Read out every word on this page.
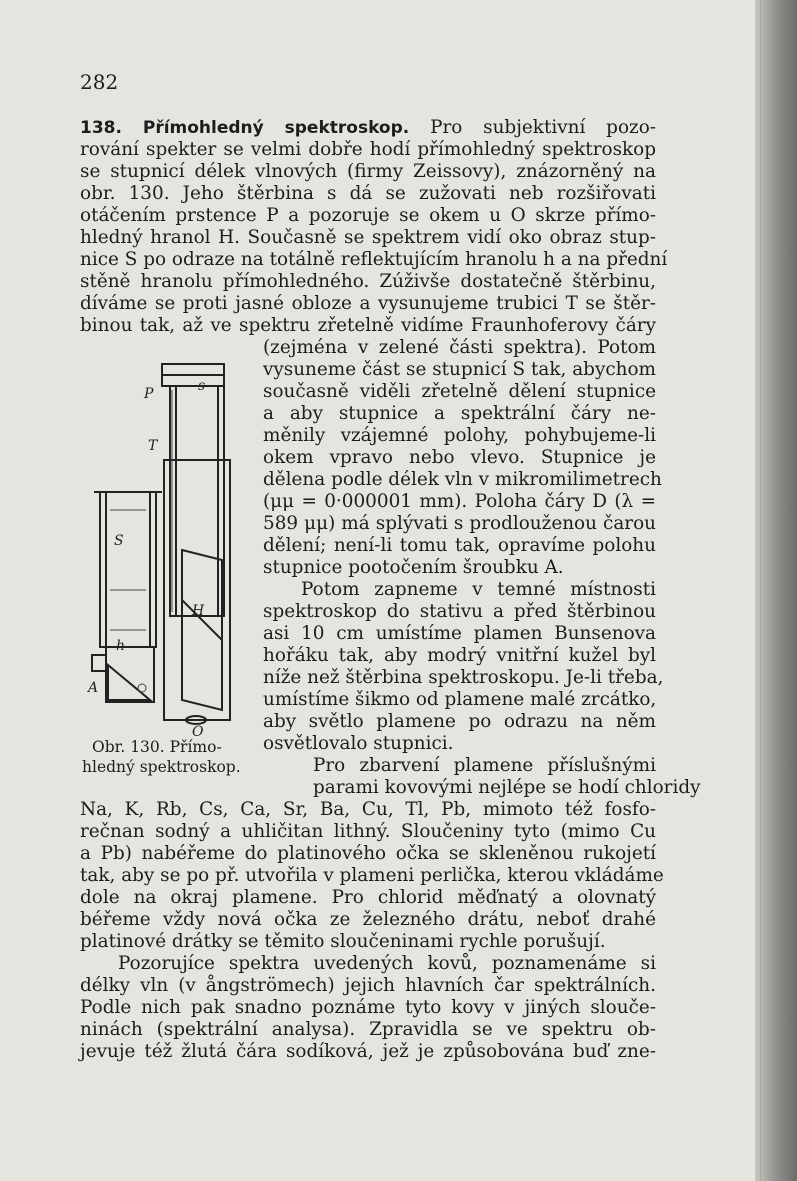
282
138. Přímohledný spektroskop. Pro subjektivní pozo-
rování spekter se velmi dobře hodí přímohledný spektroskop
se stupnicí délek vlnových (firmy Zeissovy), znázorněný na
obr. 130. Jeho štěrbina s dá se zužovati neb rozšiřovati
otáčením prstence P a pozoruje se okem u O skrze přímo-
hledný hranol H. Současně se spektrem vidí oko obraz stup-
nice S po odraze na totálně reflektujícím hranolu h a na přední
stěně hranolu přímohledného. Zúživše dostatečně štěrbinu,
díváme se proti jasné obloze a vysunujeme trubici T se štěr-
binou tak, až ve spektru zřetelně vidíme Fraunhoferovy čáry
(zejména v zelené části spektra). Potom
vysuneme část se stupnicí S tak, abychom
současně viděli zřetelně dělení stupnice
a aby stupnice a spektrální čáry ne-
měnily vzájemné polohy, pohybujeme-li
okem vpravo nebo vlevo. Stupnice je
dělena podle délek vln v mikromilimetrech
(μμ = 0·000001 mm). Poloha čáry D (λ =
589 μμ) má splývati s prodlouženou čarou
dělení; není-li tomu tak, opravíme polohu
stupnice pootočením šroubku A.
Potom zapneme v temné místnosti
spektroskop do stativu a před štěrbinou
asi 10 cm umístíme plamen Bunsenova
hořáku tak, aby modrý vnitřní kužel byl
níže než štěrbina spektroskopu. Je-li třeba,
umístíme šikmo od plamene malé zrcátko,
aby světlo plamene po odrazu na něm
osvětlovalo stupnici.
Pro zbarvení plamene příslušnými
parami kovovými nejlépe se hodí chloridy
Na, K, Rb, Cs, Ca, Sr, Ba, Cu, Tl, Pb, mimoto též fosfo-
rečnan sodný a uhličitan lithný. Sloučeniny tyto (mimo Cu
a Pb) nabéřeme do platinového očka se skleněnou rukojetí
tak, aby se po př. utvořila v plameni perlička, kterou vkládáme
dole na okraj plamene. Pro chlorid měďnatý a olovnatý
béřeme vždy nová očka ze železného drátu, neboť drahé
platinové drátky se těmito sloučeninami rychle porušují.
Pozorujíce spektra uvedených kovů, poznamenáme si
délky vln (v ångströmech) jejich hlavních čar spektrálních.
Podle nich pak snadno poznáme tyto kovy v jiných slouče-
ninách (spektrální analysa). Zpravidla se ve spektru ob-
jevuje též žlutá čára sodíková, jež je způsobována buď zne-
P	s
T
S
H
h
A
O
Obr. 130. Přímo-
hledný spektroskop.
